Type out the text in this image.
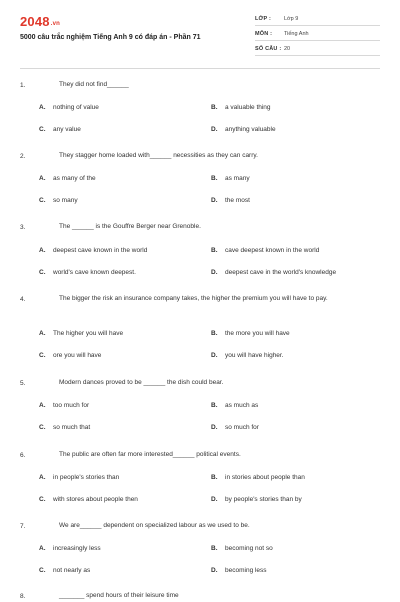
2048.vn
5000 câu trắc nghiệm Tiếng Anh 9 có đáp án - Phần 71
LỚP : Lớp 9
MÔN : Tiếng Anh
SỐ CÂU : 20
1.	They did not find______
A. nothing of value	B. a valuable thing
C. any value	D. anything valuable
2.	They stagger home loaded with______ necessities as they can carry.
A. as many of the	B. as many
C. so many	D. the most
3.	The ______ is the Gouffre Berger near Grenoble.
A. deepest cave known in the world	B. cave deepest known in the world
C. world's cave known deepest.	D. deepest cave in the world's knowledge
4.	The bigger the risk an insurance company takes, the higher the premium you will have to pay.
A. The higher you will have	B. the more you will have
C. ore you will have	D. you will have higher.
5.	Modern dances proved to be ______ the dish could bear.
A. too much for	B. as much as
C. so much that	D. so much for
6.	The public are often far more interested______ political events.
A. in people's stories than	B. in stories about people than
C. with stores about people then	D. by people's stories than by
7.	We are______ dependent on specialized labour as we used to be.
A. increasingly less	B. becoming not so
C. not nearly as	D. becoming less
8.	_______ spend hours of their leisure time
